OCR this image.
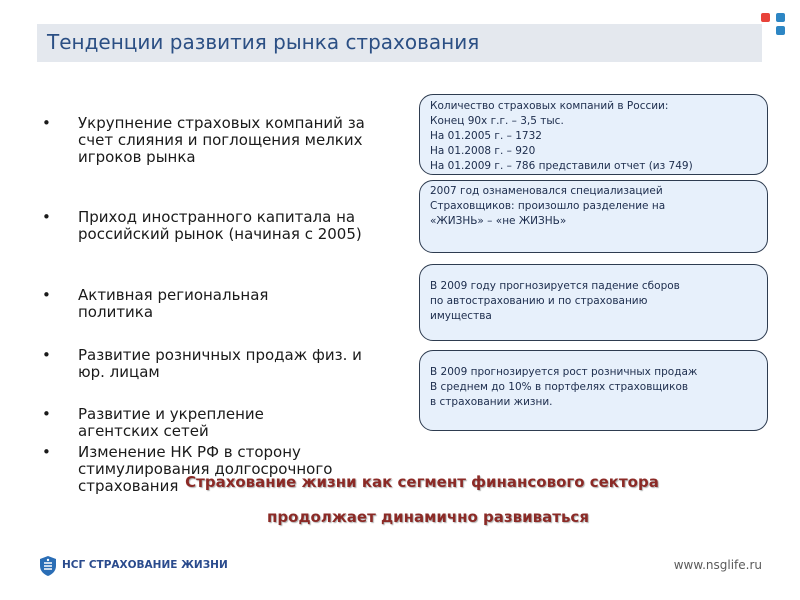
Тенденции развития рынка страхования
• Укрупнение страховых компаний за счет слияния и поглощения мелких игроков рынка
• Приход иностранного капитала на российский рынок (начиная с 2005)
• Активная региональная политика
• Развитие розничных продаж физ. и юр. лицам
• Развитие и укрепление агентских сетей
• Изменение НК РФ в сторону стимулирования долгосрочного страхования
Количество страховых компаний в России:
Конец 90х г.г. – 3,5 тыс.
На 01.2005 г. – 1732
На 01.2008 г. – 920
На 01.2009 г. – 786 представили отчет (из 749)
2007 год ознаменовался специализацией
Страховщиков: произошло разделение на
«ЖИЗНЬ» – «не ЖИЗНЬ»
В 2009 году прогнозируется падение сборов
по автострахованию и по страхованию
имущества
В 2009 прогнозируется рост розничных продаж
В среднем до 10% в портфелях страховщиков
в страховании жизни.
Страхование жизни как сегмент финансового сектора
продолжает динамично развиваться
НСГ СТРАХОВАНИЕ ЖИЗНИ	www.nsglife.ru
